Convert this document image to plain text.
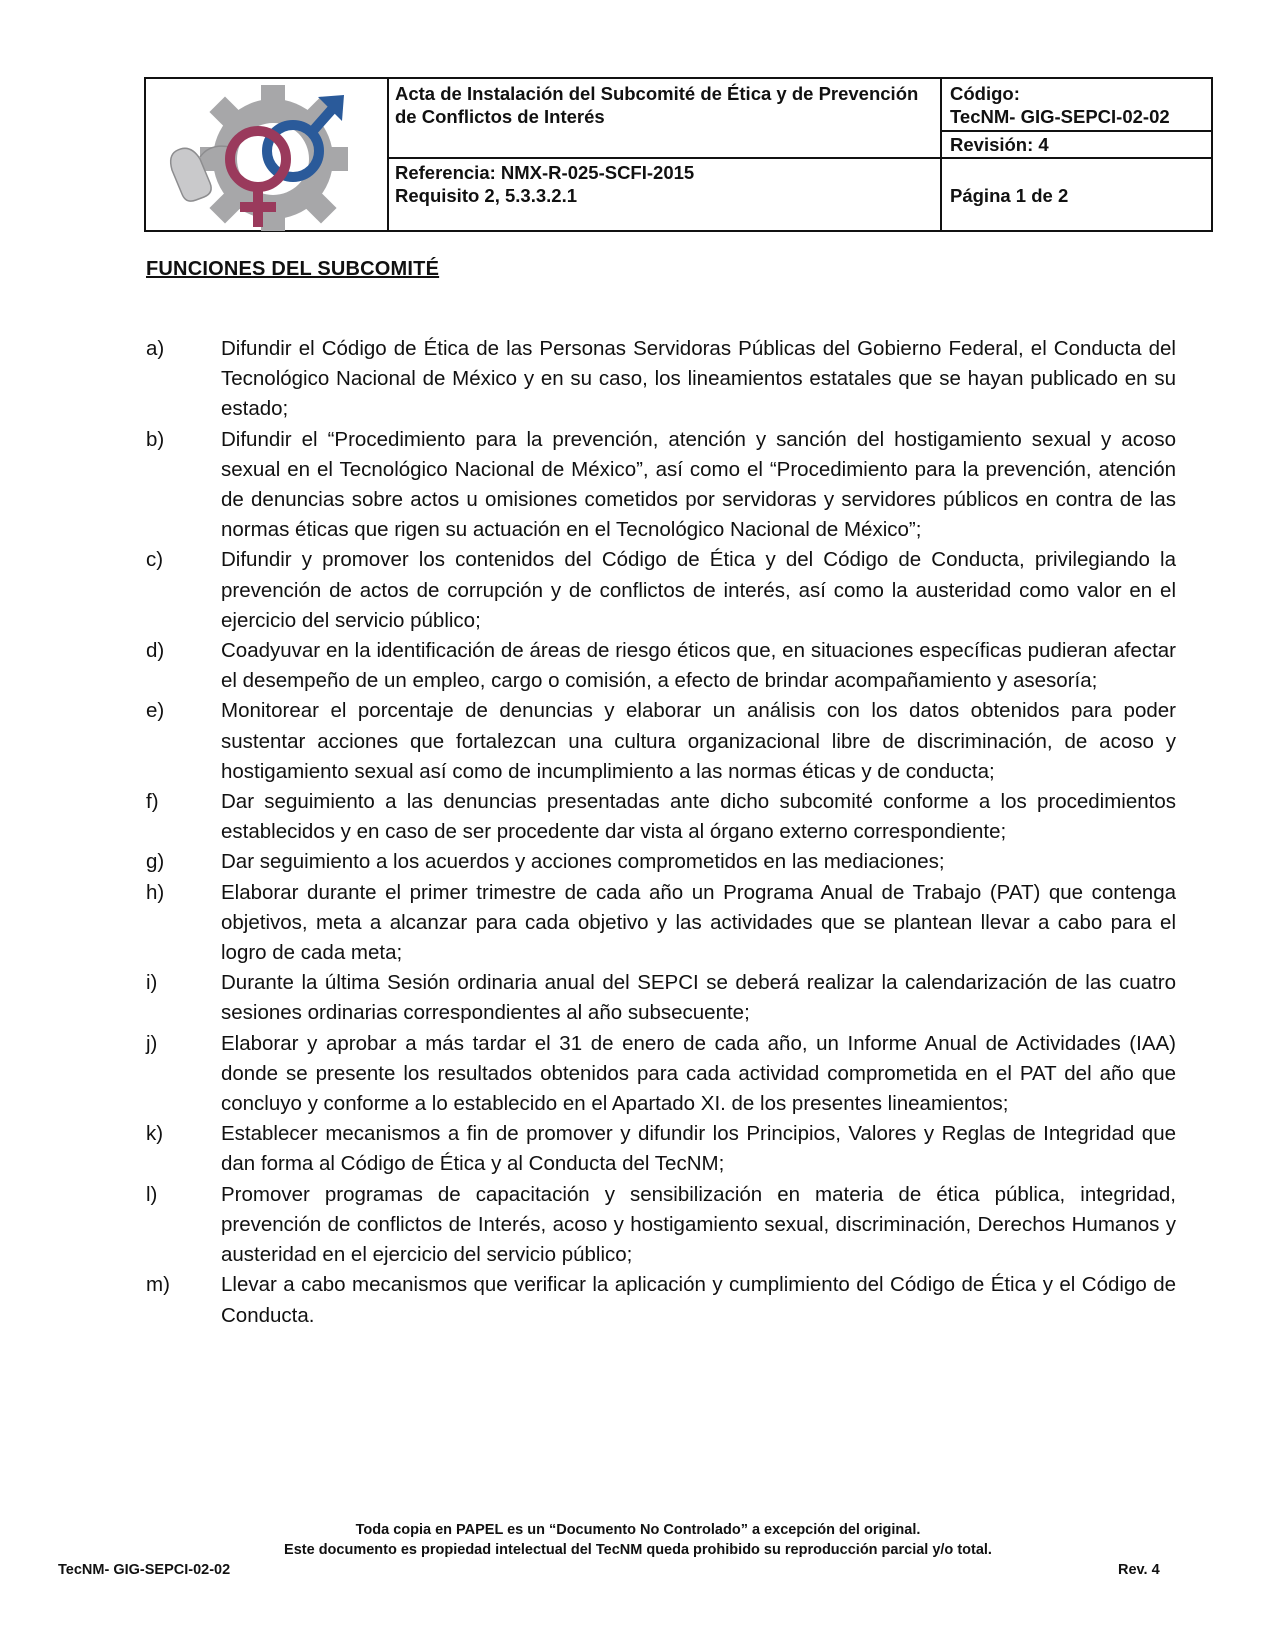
Acta de Instalación del Subcomité de Ética y de Prevención de Conflictos de Interés
Referencia: NMX-R-025-SCFI-2015
Requisito 2, 5.3.3.2.1
Código:
TecNM- GIG-SEPCI-02-02
Revisión: 4
Página 1 de 2
FUNCIONES DEL SUBCOMITÉ
a)	Difundir el Código de Ética de las Personas Servidoras Públicas del Gobierno Federal, el Conducta del Tecnológico Nacional de México y en su caso, los lineamientos estatales que se hayan publicado en su estado;
b)	Difundir el “Procedimiento para la prevención, atención y sanción del hostigamiento sexual y acoso sexual en el Tecnológico Nacional de México”, así como el “Procedimiento para la prevención, atención de denuncias sobre actos u omisiones cometidos por servidoras y servidores públicos en contra de las normas éticas que rigen su actuación en el Tecnológico Nacional de México”;
c)	Difundir y promover los contenidos del Código de Ética y del Código de Conducta, privilegiando la prevención de actos de corrupción y de conflictos de interés, así como la austeridad como valor en el ejercicio del servicio público;
d)	Coadyuvar en la identificación de áreas de riesgo éticos que, en situaciones específicas pudieran afectar el desempeño de un empleo, cargo o comisión, a efecto de brindar acompañamiento y asesoría;
e)	Monitorear el porcentaje de denuncias y elaborar un análisis con los datos obtenidos para poder sustentar acciones que fortalezcan una cultura organizacional libre de discriminación, de acoso y hostigamiento sexual así como de incumplimiento a las normas éticas y de conducta;
f)	Dar seguimiento a las denuncias presentadas ante dicho subcomité conforme a los procedimientos establecidos y en caso de ser procedente dar vista al órgano externo correspondiente;
g)	Dar seguimiento a los acuerdos y acciones comprometidos en las mediaciones;
h)	Elaborar durante el primer trimestre de cada año un Programa Anual de Trabajo (PAT) que contenga objetivos, meta a alcanzar para cada objetivo y las actividades que se plantean llevar a cabo para el logro de cada meta;
i)	Durante la última Sesión ordinaria anual del SEPCI se deberá realizar la calendarización de las cuatro sesiones ordinarias correspondientes al año subsecuente;
j)	Elaborar y aprobar a más tardar el 31 de enero de cada año, un Informe Anual de Actividades (IAA) donde se presente los resultados obtenidos para cada actividad comprometida en el PAT del año que concluyo y conforme a lo establecido en el Apartado XI. de los presentes lineamientos;
k)	Establecer mecanismos a fin de promover y difundir los Principios, Valores y Reglas de Integridad que dan forma al Código de Ética y al Conducta del TecNM;
l)	Promover programas de capacitación y sensibilización en materia de ética pública, integridad, prevención de conflictos de Interés, acoso y hostigamiento sexual, discriminación, Derechos Humanos y austeridad en el ejercicio del servicio público;
m) Llevar a cabo mecanismos que verificar la aplicación y cumplimiento del Código de Ética y el Código de Conducta.
Toda copia en PAPEL es un “Documento No Controlado” a excepción del original.
Este documento es propiedad intelectual del TecNM queda prohibido su reproducción parcial y/o total.
TecNM- GIG-SEPCI-02-02	Rev. 4
